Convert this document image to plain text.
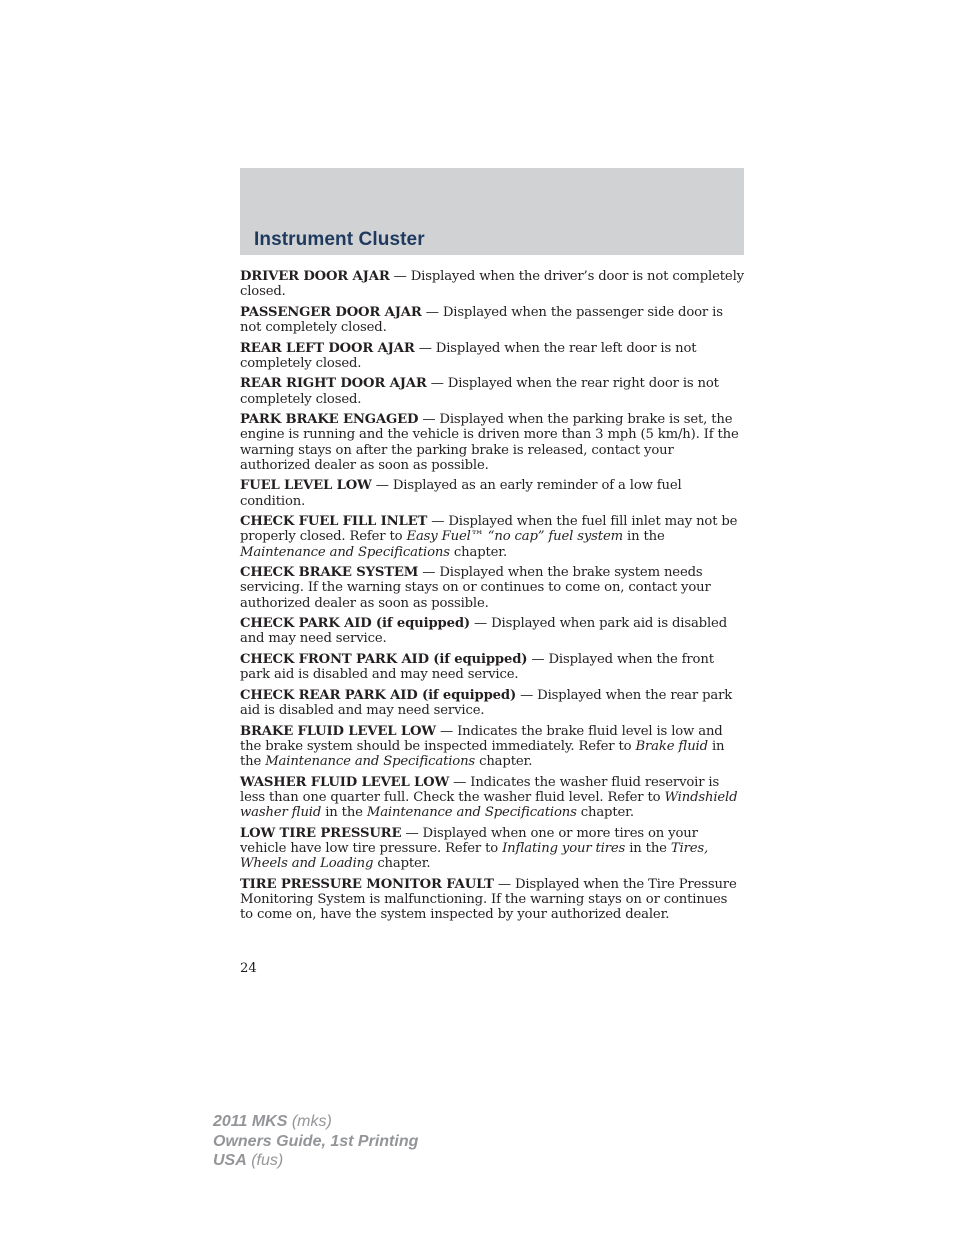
Instrument Cluster

DRIVER DOOR AJAR — Displayed when the driver’s door is not completely closed.

PASSENGER DOOR AJAR — Displayed when the passenger side door is not completely closed.

REAR LEFT DOOR AJAR — Displayed when the rear left door is not completely closed.

REAR RIGHT DOOR AJAR — Displayed when the rear right door is not completely closed.

PARK BRAKE ENGAGED — Displayed when the parking brake is set, the engine is running and the vehicle is driven more than 3 mph (5 km/h). If the warning stays on after the parking brake is released, contact your authorized dealer as soon as possible.

FUEL LEVEL LOW — Displayed as an early reminder of a low fuel condition.

CHECK FUEL FILL INLET — Displayed when the fuel fill inlet may not be properly closed. Refer to Easy Fuel™ “no cap” fuel system in the Maintenance and Specifications chapter.

CHECK BRAKE SYSTEM — Displayed when the brake system needs servicing. If the warning stays on or continues to come on, contact your authorized dealer as soon as possible.

CHECK PARK AID (if equipped) — Displayed when park aid is disabled and may need service.

CHECK FRONT PARK AID (if equipped) — Displayed when the front park aid is disabled and may need service.

CHECK REAR PARK AID (if equipped) — Displayed when the rear park aid is disabled and may need service.

BRAKE FLUID LEVEL LOW — Indicates the brake fluid level is low and the brake system should be inspected immediately. Refer to Brake fluid in the Maintenance and Specifications chapter.

WASHER FLUID LEVEL LOW — Indicates the washer fluid reservoir is less than one quarter full. Check the washer fluid level. Refer to Windshield washer fluid in the Maintenance and Specifications chapter.

LOW TIRE PRESSURE — Displayed when one or more tires on your vehicle have low tire pressure. Refer to Inflating your tires in the Tires, Wheels and Loading chapter.

TIRE PRESSURE MONITOR FAULT — Displayed when the Tire Pressure Monitoring System is malfunctioning. If the warning stays on or continues to come on, have the system inspected by your authorized dealer.

24
2011 MKS (mks)
Owners Guide, 1st Printing
USA (fus)
